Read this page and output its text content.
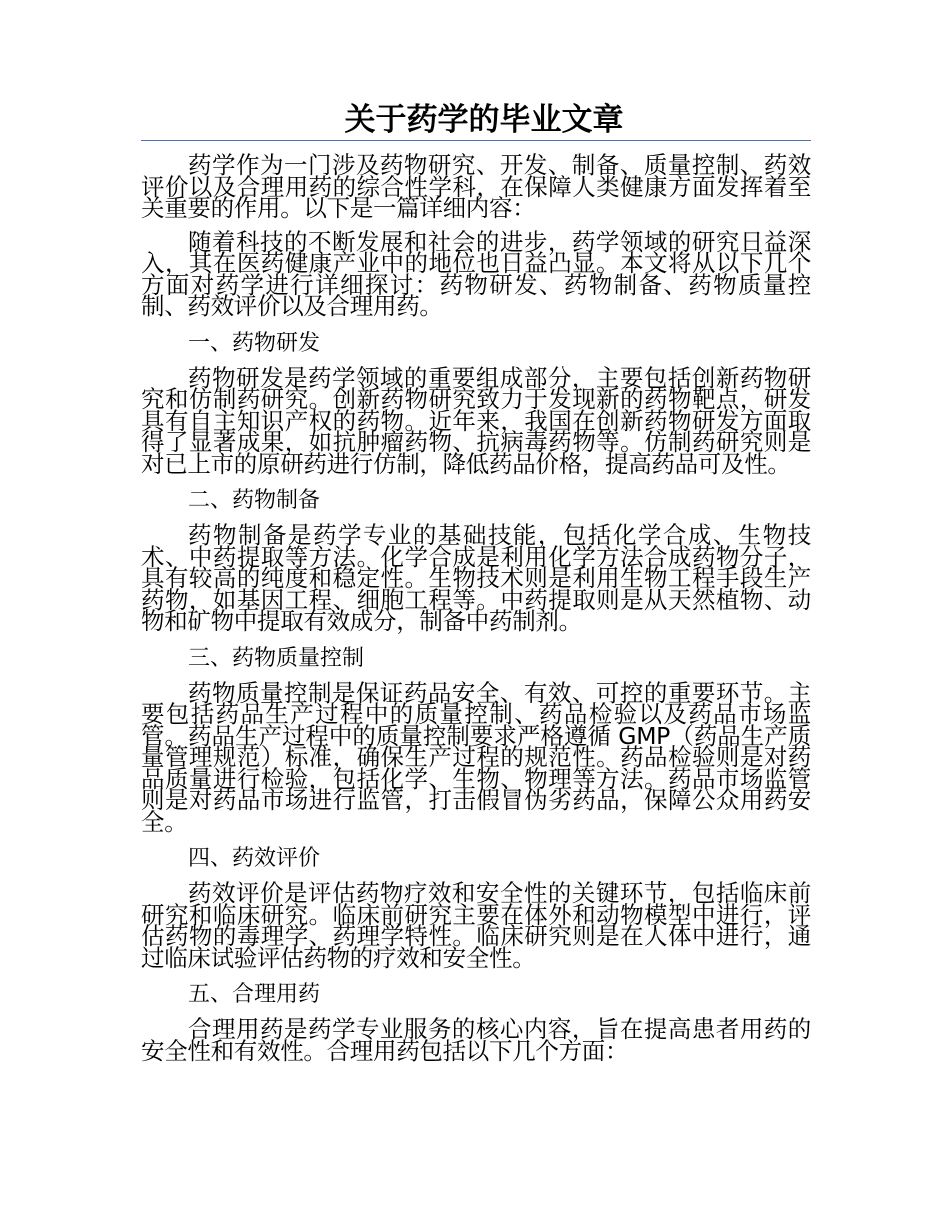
关于药学的毕业文章

药学作为一门涉及药物研究、开发、制备、质量控制、药效评价以及合理用药的综合性学科，在保障人类健康方面发挥着至关重要的作用。以下是一篇详细内容：

随着科技的不断发展和社会的进步，药学领域的研究日益深入，其在医药健康产业中的地位也日益凸显。本文将从以下几个方面对药学进行详细探讨：药物研发、药物制备、药物质量控制、药效评价以及合理用药。

一、药物研发

药物研发是药学领域的重要组成部分，主要包括创新药物研究和仿制药研究。创新药物研究致力于发现新的药物靶点，研发具有自主知识产权的药物。近年来，我国在创新药物研发方面取得了显著成果，如抗肿瘤药物、抗病毒药物等。仿制药研究则是对已上市的原研药进行仿制，降低药品价格，提高药品可及性。

二、药物制备

药物制备是药学专业的基础技能，包括化学合成、生物技术、中药提取等方法。化学合成是利用化学方法合成药物分子，具有较高的纯度和稳定性。生物技术则是利用生物工程手段生产药物，如基因工程、细胞工程等。中药提取则是从天然植物、动物和矿物中提取有效成分，制备中药制剂。

三、药物质量控制

药物质量控制是保证药品安全、有效、可控的重要环节。主要包括药品生产过程中的质量控制、药品检验以及药品市场监管。药品生产过程中的质量控制要求严格遵循 GMP（药品生产质量管理规范）标准，确保生产过程的规范性。药品检验则是对药品质量进行检验，包括化学、生物、物理等方法。药品市场监管则是对药品市场进行监管，打击假冒伪劣药品，保障公众用药安全。

四、药效评价

药效评价是评估药物疗效和安全性的关键环节，包括临床前研究和临床研究。临床前研究主要在体外和动物模型中进行，评估药物的毒理学、药理学特性。临床研究则是在人体中进行，通过临床试验评估药物的疗效和安全性。

五、合理用药

合理用药是药学专业服务的核心内容，旨在提高患者用药的安全性和有效性。合理用药包括以下几个方面：
